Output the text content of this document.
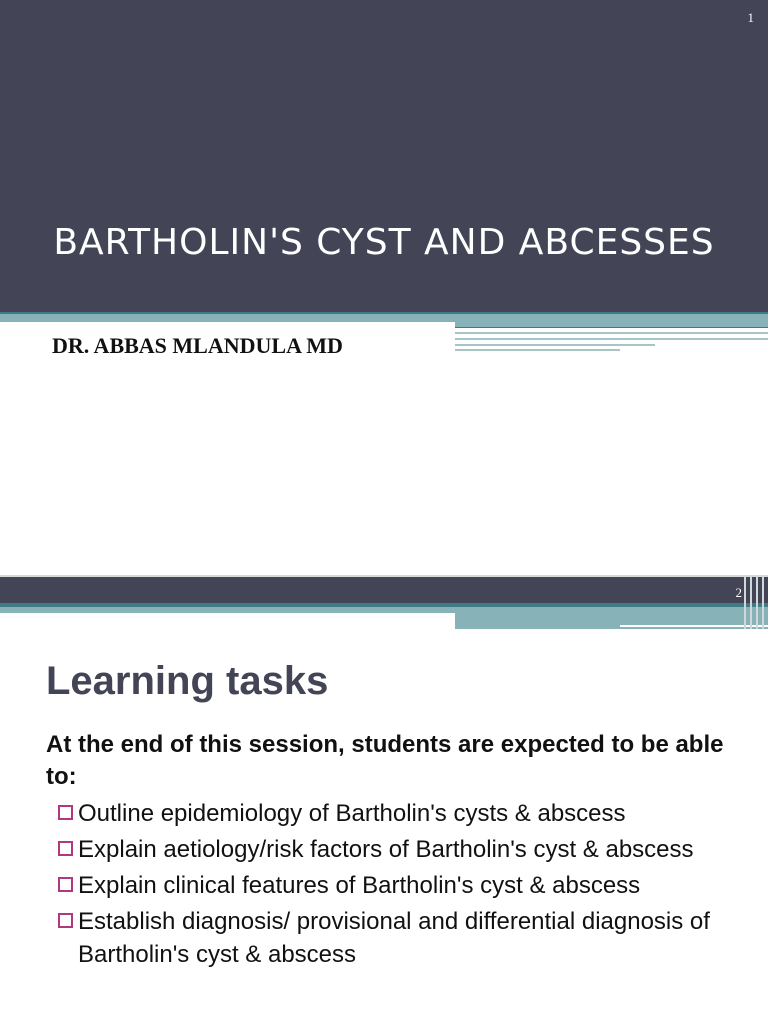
1
BARTHOLIN'S CYST AND ABCESSES
DR. ABBAS MLANDULA MD
2
Learning tasks
At the end of this session, students are expected to be able to:
Outline epidemiology of Bartholin's cysts & abscess
Explain aetiology/risk factors of Bartholin's cyst & abscess
Explain clinical features of Bartholin's cyst & abscess
Establish diagnosis/ provisional and differential diagnosis of Bartholin's cyst & abscess
